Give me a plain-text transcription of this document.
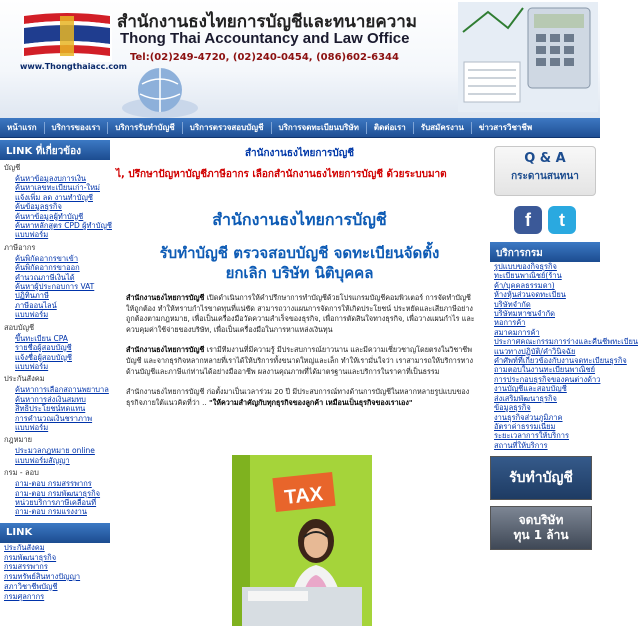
www.Thongthaiacc.com
สำนักงานธงไทยการบัญชีและทนายความ
Thong Thai Accountancy and Law Office
Tel:(02)249-4720, (02)240-0454, (086)602-6344
หน้าแรก	บริการของเรา	บริการรับทำบัญชี	บริการตรวจสอบบัญชี	บริการจดทะเบียนบริษัท	ติดต่อเรา	รับสมัครงาน	ข่าวสารวิชาชีพ
LINK ที่เกี่ยวข้อง
บัญชี
ค้นหาข้อมูลงบการเงิน
ค้นหาเลขทะเบียนเก่า-ใหม่
แจ้งเพิ่ม ลด งานทำบัญชี
ค้นข้อมูลธุรกิจ
ค้นหาข้อมูลผู้ทำบัญชี
ค้นหาหลักสูตร CPD ผู้ทำบัญชี
แบบฟอร์ม
ภาษีอากร
ค้นพิกัดอากรขาเข้า
ค้นพิกัดอากรขาออก
คำนวณภาษีเงินได้
ค้นหาผู้ประกอบการ VAT
ปฏิทินภาษี
ภาษีออนไลน์
แบบฟอร์ม
สอบบัญชี
ขึ้นทะเบียน CPA
รายชื่อผู้สอบบัญชี
แจ้งชื่อผู้สอบบัญชี
แบบฟอร์ม
ประกันสังคม
ค้นหาการเลือกสถานพยาบาล
ค้นหาการส่งเงินสมทบ
สิทธิประโยชน์ทดแทน
การคำนวณเงินชราภาพ
แบบฟอร์ม
กฎหมาย
ประมวลกฎหมาย online
แบบฟอร์มสัญญา
กรม - ลอบ
ถาม-ตอบ กรมสรรพากร
ถาม-ตอบ กรมพัฒนาธุรกิจ
หน่วยบริการภาษีเคลื่อนที่
ถาม-ตอบ กรมแรงงาน
LINK
ประกันสังคม
กรมพัฒนาธุรกิจ
กรมสรรพากร
กรมทรัพย์สินทางปัญญา
สภาวิชาชีพบัญชี
กรมศุลกากร
สำนักงานธงไทยการบัญชี
ไ, ปรึกษาปัญหาบัญชีภาษีอากร เลือกสำนักงานธงไทยการบัญชี ด้วยระบบมาต
สำนักงานธงไทยการบัญชี
รับทำบัญชี ตรวจสอบบัญชี จดทะเบียนจัดตั้ง
ยกเลิก บริษัท นิติบุคคล
สำนักงานธงไทยการบัญชี เปิดดำเนินการให้คำปรึกษาการทำบัญชีด้วยโปรแกรมบัญชีคอมพิวเตอร์ การจัดทำบัญชีให้ถูกต้อง ทำให้ทราบกำไรขาดทุนที่แน่ชัด สามารถวางแผนการจัดการให้เกิดประโยชน์ ประหยัดและเสียภาษีอย่างถูกต้องตามกฎหมาย, เพื่อเป็นเครื่องมือวัดความสำเร็จของธุรกิจ, เพื่อการตัดสินใจทางธุรกิจ, เพื่อวางแผนกำไร และควบคุมค่าใช้จ่ายของบริษัท, เพื่อเป็นเครื่องมือในการหาแหล่งเงินทุน
สำนักงานธงไทยการบัญชี เรามีทีมงานที่มีความรู้ มีประสบการณ์ยาวนาน และมีความเชี่ยวชาญโดยตรงในวิชาชีพบัญชี และจากธุรกิจหลากหลายที่เราได้ให้บริการทั้งขนาดใหญ่และเล็ก ทำให้เรามั่นใจว่า เราสามารถให้บริการทางด้านบัญชีและภาษีแก่ท่านได้อย่างมืออาชีพ ผลงานคุณภาพที่ได้มาตรฐานและบริการในราคาที่เป็นธรรม
สำนักงานธงไทยการบัญชี ก่อตั้งมาเป็นเวลาร่วม 20 ปี มีประสบการณ์ทางด้านการบัญชีในหลากหลายรูปแบบของธุรกิจภายใต้แนวคิดที่ว่า .. "ให้ความสำคัญกับทุกธุรกิจของลูกค้า เหมือนเป็นธุรกิจของเราเอง"
TAX
Q & A
กระดานสนทนา
f	t
บริการกรม
รูปแบบของกิจธุรกิจ
ทะเบียนพาณิชย์(ร้าน
ค้า/บุคคลธรรมดา)
ห้างหุ้นส่วนจดทะเบียน
บริษัทจำกัด
บริษัทมหาชนจำกัด
หอการค้า
สมาคมการค้า
ประกาศคณะกรรมการร่างและคืนชีพทะเบียน
แนวทางปฏิบัติ/คำวินิจฉัย
คำศัพท์ที่เกี่ยวข้องกับงานจดทะเบียนธุรกิจ
ถามตอบในงานทะเบียนพาณิชย์
การประกอบธุรกิจของคนต่างด้าว
งานบัญชีและสอบบัญชี
ส่งเสริมพัฒนาธุรกิจ
ข้อมูลธุรกิจ
งานธุรกิจส่วนภูมิภาค
อัตราค่าธรรมเนียม
ระยะเวลาการให้บริการ
สถานที่ให้บริการ
รับทำบัญชี
จดบริษัท
ทุน 1 ล้าน
